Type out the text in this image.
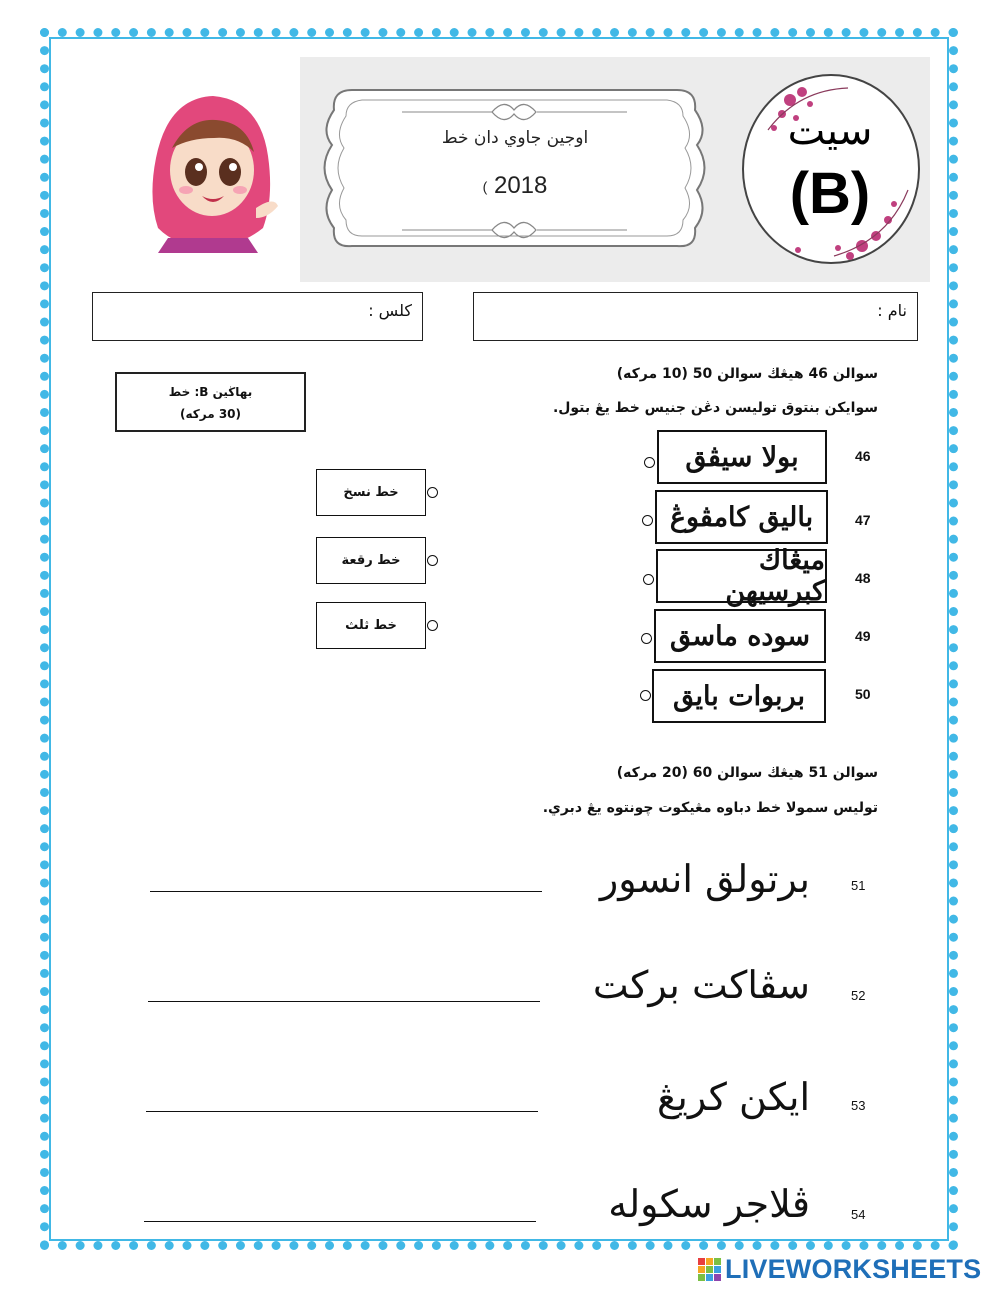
اوجين جاوي دان خط
( 2018
سيت
(B)
كلس :	نام :
بهاڬين B: خط
(30 مركه)
سوالن 46 هيڠڬ سوالن 50 (10 مركه)
سوايكن بنتوق توليسن دڠن جنيس خط يڠ بتول.
بولا سيڤق	46
باليق كامڤوڠ	47
ميڠاك كبرسيهن 48
سوده ماسق	49
بربوات بايق	50
خط نسخ
خط رقعة
خط ثلث
سوالن 51 هيڠڬ سوالن 60 (20 مركه)
توليس سمولا خط دباوه مڠيكوت چونتوه يڠ دبري.
برتولق انسور	51
سڤاكت بركت	52
ايكن كريڠ	53
ڤلاجر سكوله	54
LIVEWORKSHEETS
